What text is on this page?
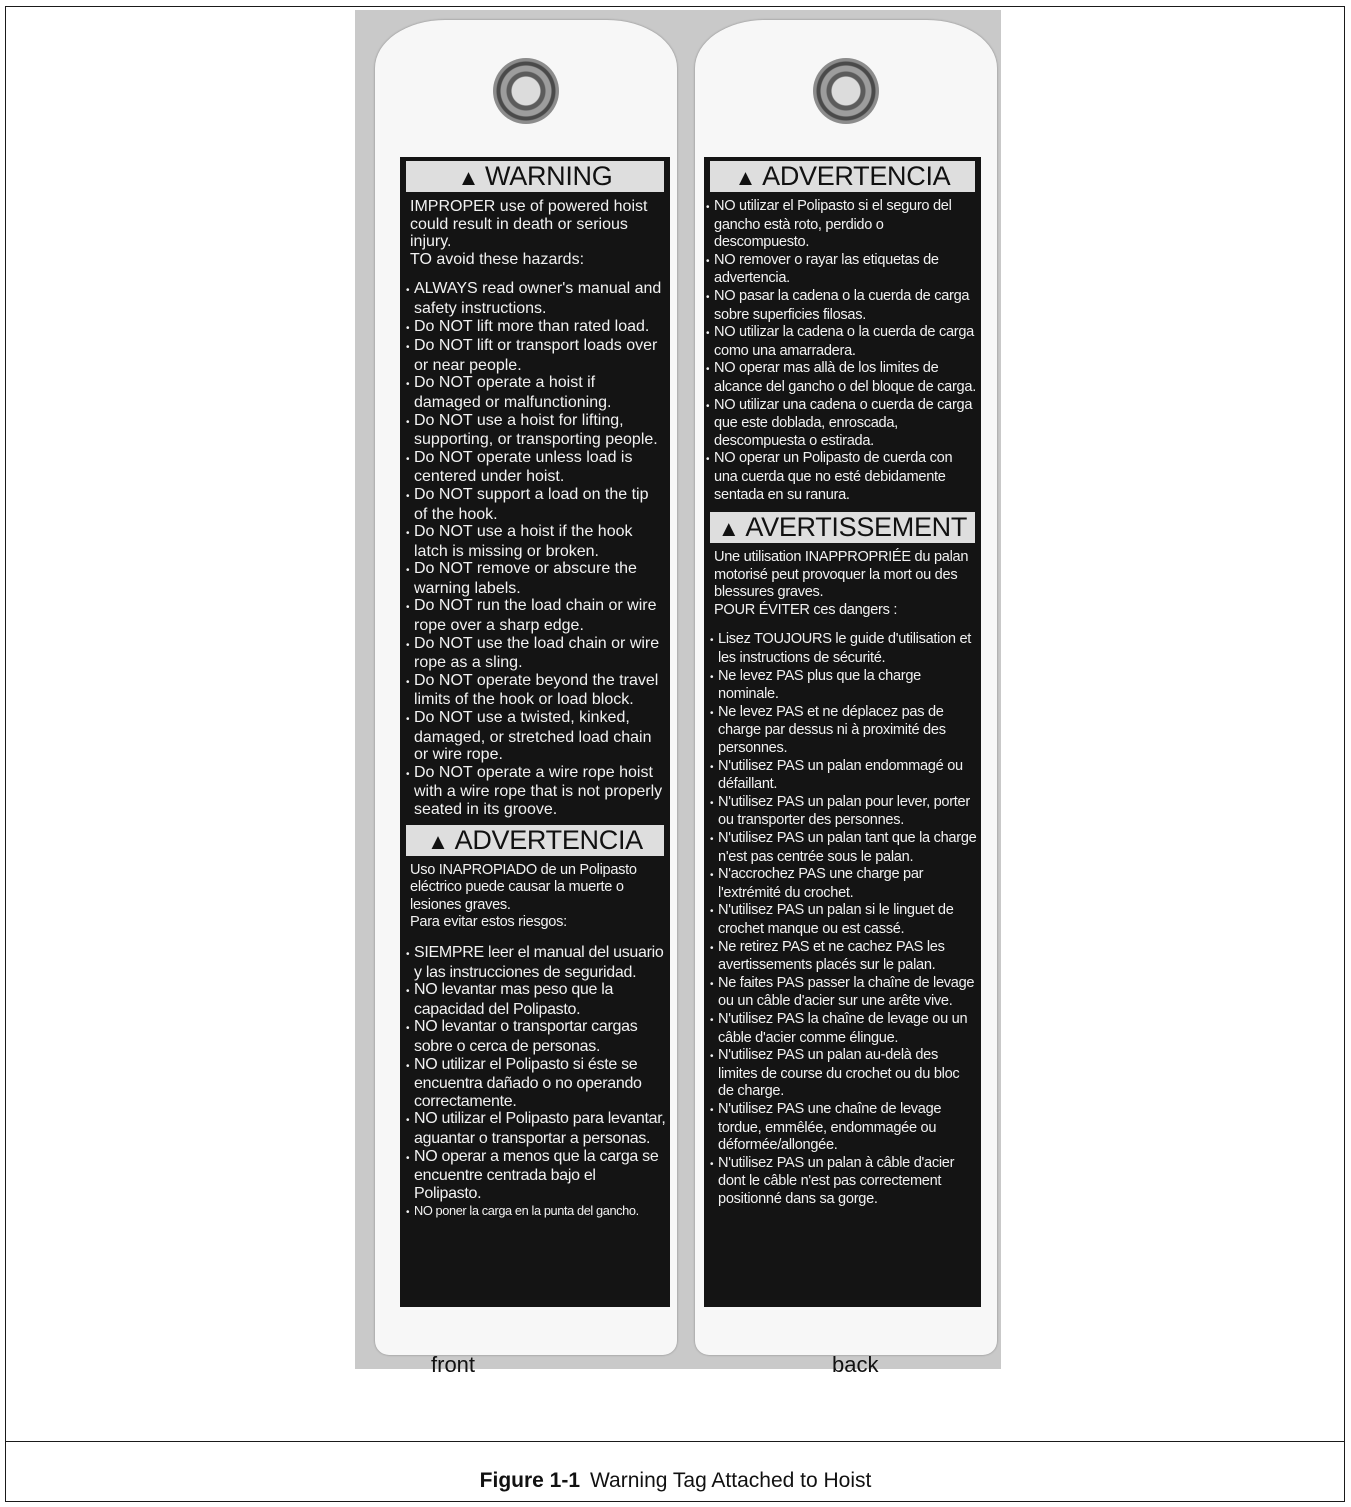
▲ WARNING

IMPROPER use of powered hoist could result in death or serious injury.

TO avoid these hazards:

• ALWAYS read owner's manual and safety instructions.
• Do NOT lift more than rated load.
• Do NOT lift or transport loads over or near people.
• Do NOT operate a hoist if damaged or malfunctioning.
• Do NOT use a hoist for lifting, supporting, or transporting people.
• Do NOT operate unless load is centered under hoist.
• Do NOT support a load on the tip of the hook.
• Do NOT use a hoist if the hook latch is missing or broken.
• Do NOT remove or abscure the warning labels.
• Do NOT run the load chain or wire rope over a sharp edge.
• Do NOT use the load chain or wire rope as a sling.
• Do NOT operate beyond the travel limits of the hook or load block.
• Do NOT use a twisted, kinked, damaged, or stretched load chain or wire rope.
• Do NOT operate a wire rope hoist with a wire rope that is not properly seated in its groove.
▲ ADVERTENCIA

Uso INAPROPIADO de un Polipasto eléctrico puede causar la muerte o lesiones graves.

Para evitar estos riesgos:

• SIEMPRE leer el manual del usuario y las instrucciones de seguridad.
• NO levantar mas peso que la capacidad del Polipasto.
• NO levantar o transportar cargas sobre o cerca de personas.
• NO utilizar el Polipasto si éste se encuentra dañado o no operando correctamente.
• NO utilizar el Polipasto para levantar, aguantar o transportar a personas.
• NO operar a menos que la carga se encuentre centrada bajo el Polipasto.
• NO poner la carga en la punta del gancho.
▲ ADVERTENCIA
• NO utilizar el Polipasto si el seguro del gancho està roto, perdido o descompuesto.
• NO remover o rayar las etiquetas de advertencia.
• NO pasar la cadena o la cuerda de carga sobre superficies filosas.
• NO utilizar la cadena o la cuerda de carga como una amarradera.
• NO operar mas allà de los limites de alcance del gancho o del bloque de carga.
• NO utilizar una cadena o cuerda de carga que este doblada, enroscada, descompuesta o estirada.
• NO operar un Polipasto de cuerda con una cuerda que no esté debidamente sentada en su ranura.
▲ AVERTISSEMENT

Une utilisation INAPPROPRIÉE du palan motorisé peut provoquer la mort ou des blessures graves.

POUR ÉVITER ces dangers :

• Lisez TOUJOURS le guide d'utilisation et les instructions de sécurité.
• Ne levez PAS plus que la charge nominale.
• Ne levez PAS et ne déplacez pas de charge par dessus ni à proximité des personnes.
• N'utilisez PAS un palan endommagé ou défaillant.
• N'utilisez PAS un palan pour lever, porter ou transporter des personnes.
• N'utilisez PAS un palan tant que la charge n'est pas centrée sous le palan.
• N'accrochez PAS une charge par l'extrémité du crochet.
• N'utilisez PAS un palan si le linguet de crochet manque ou est cassé.
• Ne retirez PAS et ne cachez PAS les avertissements placés sur le palan.
• Ne faites PAS passer la chaîne de levage ou un câble d'acier sur une arête vive.
• N'utilisez PAS la chaîne de levage ou un câble d'acier comme élingue.
• N'utilisez PAS un palan au-delà des limites de course du crochet ou du bloc de charge.
• N'utilisez PAS une chaîne de levage tordue, emmêlée, endommagée ou déformée/allongée.
• N'utilisez PAS un palan à câble d'acier dont le câble n'est pas correctement positionné dans sa gorge.
front	back
Figure 1-1 Warning Tag Attached to Hoist
